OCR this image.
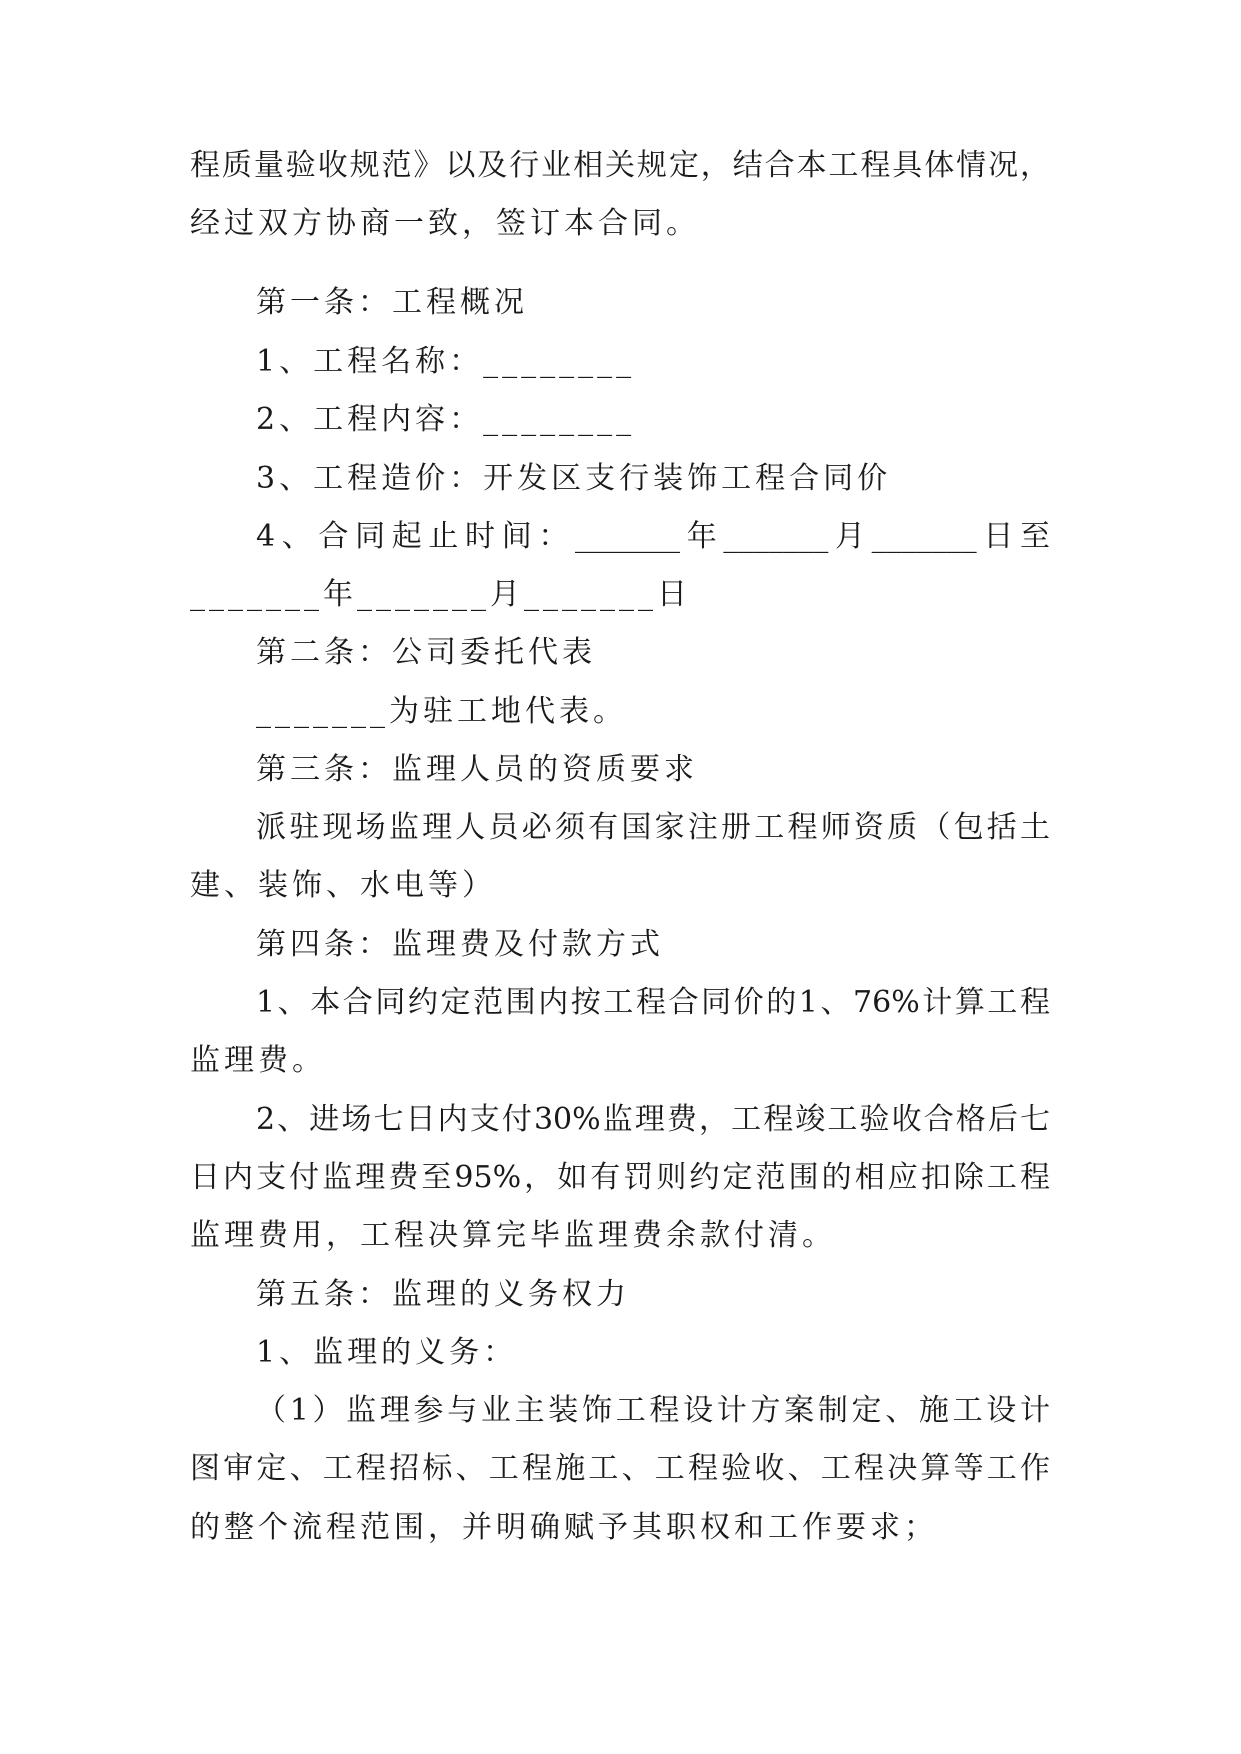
程质量验收规范》以及行业相关规定，结合本工程具体情况，
经过双方协商一致，签订本合同。
第一条：工程概况
1、工程名称：________
2、工程内容：________
3、工程造价：开发区支行装饰工程合同价
4、合同起止时间：_______年_______月_______日至
_______年_______月_______日
第二条：公司委托代表
_______为驻工地代表。
第三条：监理人员的资质要求
派驻现场监理人员必须有国家注册工程师资质（包括土
建、装饰、水电等）
第四条：监理费及付款方式
1、本合同约定范围内按工程合同价的1、76%计算工程
监理费。
2、进场七日内支付30%监理费，工程竣工验收合格后七
日内支付监理费至95%，如有罚则约定范围的相应扣除工程
监理费用，工程决算完毕监理费余款付清。
第五条：监理的义务权力
1、监理的义务：
（1）监理参与业主装饰工程设计方案制定、施工设计
图审定、工程招标、工程施工、工程验收、工程决算等工作
的整个流程范围，并明确赋予其职权和工作要求；
